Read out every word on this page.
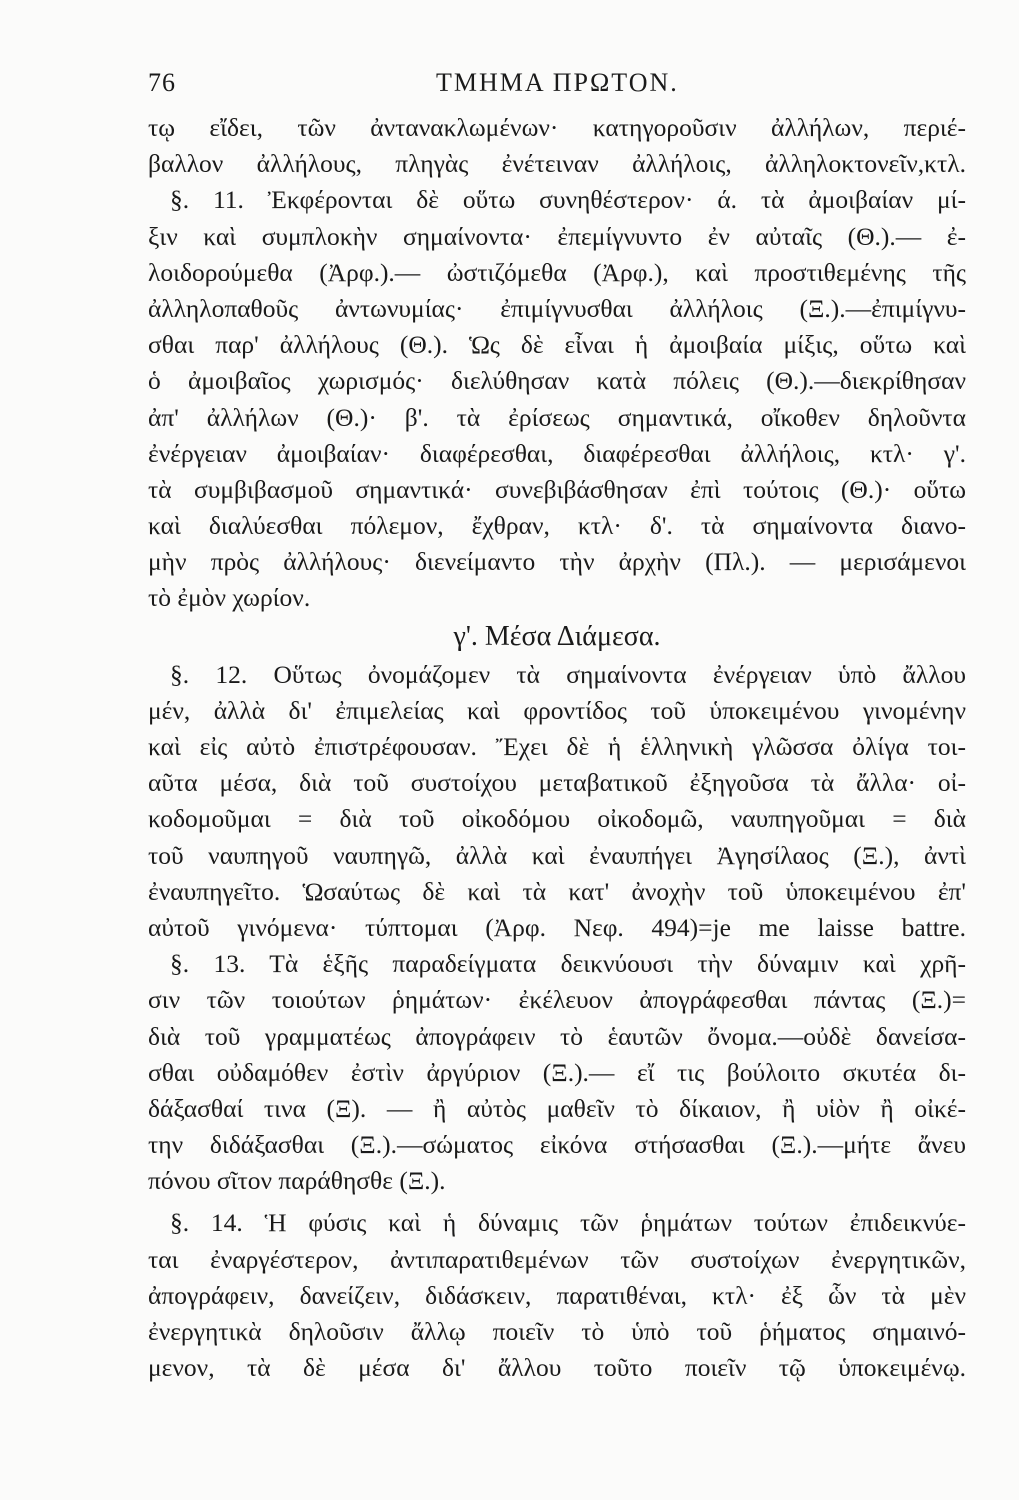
76	ΤΜΗΜΑ ΠΡΩΤΟΝ.
τῳ εἴδει, τῶν ἀντανακλωμένων· κατηγοροῦσιν ἀλλήλων, περιέ-
βαλλον ἀλλήλους, πληγὰς ἐνέτειναν ἀλλήλοις, ἀλληλοκτονεῖν,κτλ.
§. 11. Ἐκφέρονται δὲ οὕτω συνηθέστερον· ά. τὰ ἀμοιβαίαν μί-
ξιν καὶ συμπλοκὴν σημαίνοντα· ἐπεμίγνυντο ἐν αὐταῖς (Θ.).— ἐ-
λοιδορούμεθα (Ἀρφ.).— ὠστιζόμεθα (Ἀρφ.), καὶ προστιθεμένης τῆς
ἀλληλοπαθοῦς ἀντωνυμίας· ἐπιμίγνυσθαι ἀλλήλοις (Ξ.).—ἐπιμίγνυ-
σθαι παρ' ἀλλήλους (Θ.). Ὡς δὲ εἶναι ἡ ἀμοιβαία μίξις, οὕτω καὶ
ὁ ἀμοιβαῖος χωρισμός· διελύθησαν κατὰ πόλεις (Θ.).—διεκρίθησαν
ἀπ' ἀλλήλων (Θ.)· β'. τὰ ἐρίσεως σημαντικά, οἴκοθεν δηλοῦντα
ἐνέργειαν ἀμοιβαίαν· διαφέρεσθαι, διαφέρεσθαι ἀλλήλοις, κτλ· γ'.
τὰ συμβιβασμοῦ σημαντικά· συνεβιβάσθησαν ἐπὶ τούτοις (Θ.)· οὕτω
καὶ διαλύεσθαι πόλεμον, ἔχθραν, κτλ· δ'. τὰ σημαίνοντα διανο-
μὴν πρὸς ἀλλήλους· διενείμαντο τὴν ἀρχὴν (Πλ.). — μερισάμενοι
τὸ ἐμὸν χωρίον.
γ'. Μέσα Διάμεσα.
§. 12. Οὕτως ὀνομάζομεν τὰ σημαίνοντα ἐνέργειαν ὑπὸ ἄλλου
μέν, ἀλλὰ δι' ἐπιμελείας καὶ φροντίδος τοῦ ὑποκειμένου γινομένην
καὶ εἰς αὐτὸ ἐπιστρέφουσαν. Ἔχει δὲ ἡ ἑλληνικὴ γλῶσσα ὀλίγα τοι-
αῦτα μέσα, διὰ τοῦ συστοίχου μεταβατικοῦ ἐξηγοῦσα τὰ ἄλλα· οἰ-
κοδομοῦμαι = διὰ τοῦ οἰκοδόμου οἰκοδομῶ, ναυπηγοῦμαι = διὰ
τοῦ ναυπηγοῦ ναυπηγῶ, ἀλλὰ καὶ ἐναυπήγει Ἀγησίλαος (Ξ.), ἀντὶ
ἐναυπηγεῖτο. Ὡσαύτως δὲ καὶ τὰ κατ' ἀνοχὴν τοῦ ὑποκειμένου ἐπ'
αὐτοῦ γινόμενα· τύπτομαι (Ἀρφ. Νεφ. 494)=je me laisse battre.
§. 13. Τὰ ἑξῆς παραδείγματα δεικνύουσι τὴν δύναμιν καὶ χρῆ-
σιν τῶν τοιούτων ῥημάτων· ἐκέλευον ἀπογράφεσθαι πάντας (Ξ.)=
διὰ τοῦ γραμματέως ἀπογράφειν τὸ ἑαυτῶν ὄνομα.—οὐδὲ δανείσα-
σθαι οὐδαμόθεν ἐστὶν ἀργύριον (Ξ.).— εἴ τις βούλοιτο σκυτέα δι-
δάξασθαί τινα (Ξ). — ἢ αὐτὸς μαθεῖν τὸ δίκαιον, ἢ υἱὸν ἢ οἰκέ-
την διδάξασθαι (Ξ.).—σώματος εἰκόνα στήσασθαι (Ξ.).—μήτε ἄνευ
πόνου σῖτον παράθησθε (Ξ.).
§. 14. Ἡ φύσις καὶ ἡ δύναμις τῶν ῥημάτων τούτων ἐπιδεικνύε-
ται ἐναργέστερον, ἀντιπαρατιθεμένων τῶν συστοίχων ἐνεργητικῶν,
ἀπογράφειν, δανείζειν, διδάσκειν, παρατιθέναι, κτλ· ἐξ ὧν τὰ μὲν
ἐνεργητικὰ δηλοῦσιν ἄλλῳ ποιεῖν τὸ ὑπὸ τοῦ ῥήματος σημαινό-
μενον, τὰ δὲ μέσα δι' ἄλλου τοῦτο ποιεῖν τῷ ὑποκειμένῳ.
